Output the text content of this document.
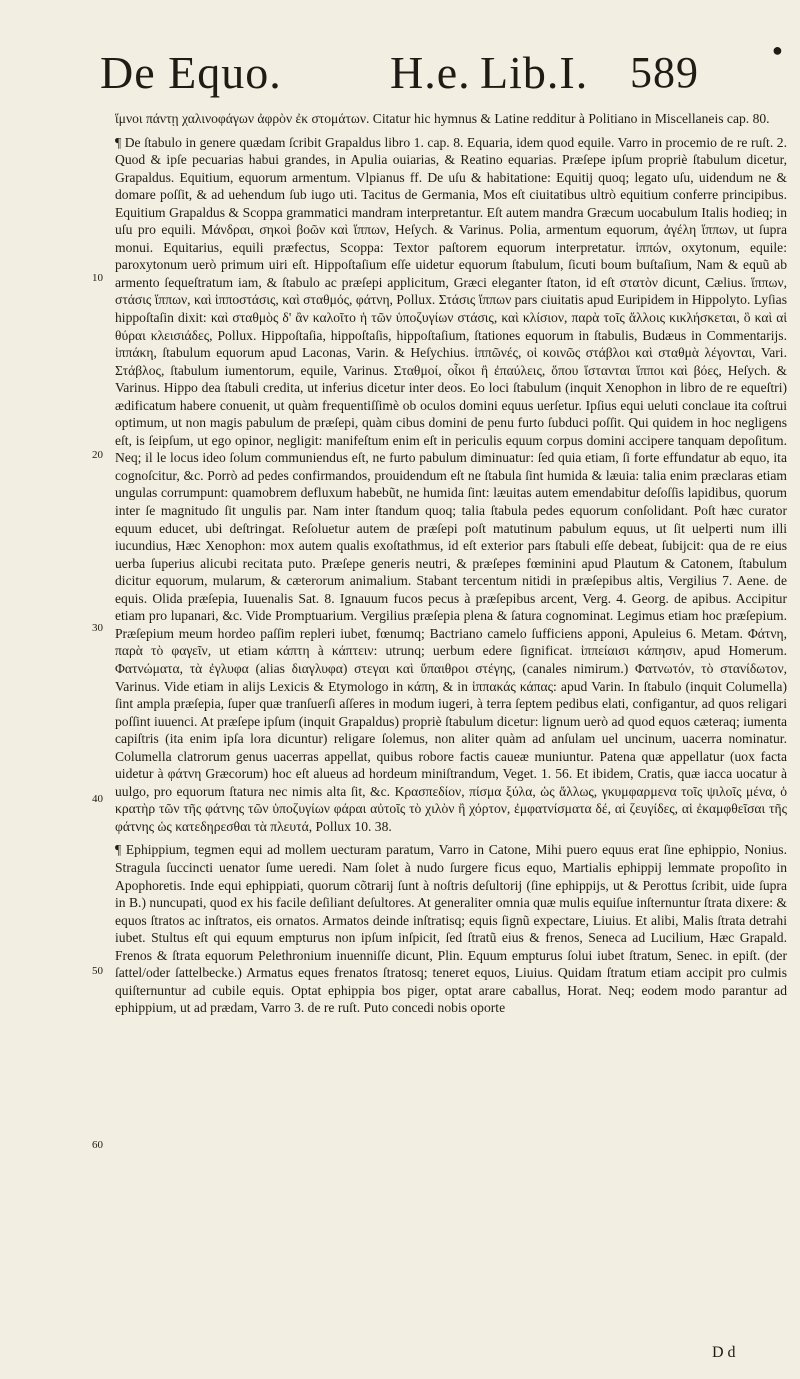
De Equo. H.e. Lib.I. 589	●
10
20
30
40
50
60

ἵμνοι πάντῃ χαλινοφάγων ἀφρὸν ἐκ στομάτων. Citatur hic hymnus & Latine redditur à Politiano in Miscellaneis cap. 80.

¶ De ſtabulo in genere quædam ſcribit Grapaldus libro 1. cap. 8. Equaria, idem quod equile. Varro in procemio de re ruſt. 2. Quod & ipſe pecuarias habui grandes, in Apulia ouiarias, & Reatino equarias. Præſepe ipſum propriè ſtabulum dicetur, Grapaldus. Equitium, equorum armentum. Vlpianus ff. De uſu & habitatione: Equitij quoq; legato uſu, uidendum ne & domare poſſit, & ad uehendum ſub iugo uti. Tacitus de Germania, Mos eſt ciuitatibus ultrò equitium conferre principibus. Equitium Grapaldus & Scoppa grammatici mandram interpretantur. Eſt autem mandra Græcum uocabulum Italis hodieq; in uſu pro equili. Μάνδραι, σηκοὶ βοῶν καὶ ἵππων, Heſych. & Varinus. Polia, armentum equorum, ἀγέλη ἵππων, ut ſupra monui. Equitarius, equili præfectus, Scoppa: Textor paſtorem equorum interpretatur. ἱππών, oxytonum, equile: paroxytonum uerò primum uiri eſt. Hippoſtaſium eſſe uidetur equorum ſtabulum, ſicuti boum buſtaſium, Nam & equũ ab armento ſequeſtratum iam, & ſtabulo ac præſepi applicitum, Græci eleganter ſtaton, id eſt στατὸν dicunt, Cælius. ἵππων, στάσις ἵππων, καὶ ἱπποστάσις, καὶ σταθμός, φάτνη, Pollux. Στάσις ἵππων pars ciuitatis apud Euripidem in Hippolyto. Lyſias hippoſtaſin dixit: καὶ σταθμὸς δ' ἂν καλοῖτο ἡ τῶν ὑποζυγίων στάσις, καὶ κλίσιον, παρὰ τοῖς ἄλλοις κικλήσκεται, ὃ καὶ αἱ θύραι κλεισιάδες, Pollux. Hippoſtaſia, hippoſtaſis, hippoſtaſium, ſtationes equorum in ſtabulis, Budæus in Commentarijs. ἱππάκη, ſtabulum equorum apud Laconas, Varin. & Heſychius. ἱππῶνές, οἱ κοινῶς στάβλοι καὶ σταθμὰ λέγονται, Vari. Στάβλος, ſtabulum iumentorum, equile, Varinus. Σταθμοί, οἶκοι ἢ ἐπαύλεις, ὅπου ἵστανται ἵπποι καὶ βόες, Heſych. & Varinus. Hippo dea ſtabuli credita, ut inferius dicetur inter deos. Eo loci ſtabulum (inquit Xenophon in libro de re equeſtri) ædificatum habere conuenit, ut quàm frequentiſſimè ob oculos domini equus uerſetur. Ipſius equi ueluti conclaue ita coſtrui optimum, ut non magis pabulum de præſepi, quàm cibus domini de penu furto ſubduci poſſit. Qui quidem in hoc negligens eſt, is ſeipſum, ut ego opinor, negligit: manifeſtum enim eſt in periculis equum corpus domini accipere tanquam depoſitum. Neq; il le locus ideo ſolum communiendus eſt, ne furto pabulum diminuatur: ſed quia etiam, ſi forte effundatur ab equo, ita cognoſcitur, &c. Porrò ad pedes confirmandos, prouidendum eſt ne ſtabula ſint humida & læuia: talia enim præclaras etiam ungulas corrumpunt: quamobrem defluxum habebũt, ne humida ſint: læuitas autem emendabitur deſoſſis lapidibus, quorum inter ſe magnitudo ſit ungulis par. Nam inter ſtandum quoq; talia ſtabula pedes equorum conſolidant. Poſt hæc curator equum educet, ubi deſtringat. Reſoluetur autem de præſepi poſt matutinum pabulum equus, ut ſit uelperti num illi iucundius, Hæc Xenophon: mox autem qualis exoſtathmus, id eſt exterior pars ſtabuli eſſe debeat, ſubijcit: qua de re eius uerba ſuperius alicubi recitata puto. Præſepe generis neutri, & præſepes fœminini apud Plautum & Catonem, ſtabulum dicitur equorum, mularum, & cæterorum animalium. Stabant tercentum nitidi in præſepibus altis, Vergilius 7. Aene. de equis. Olida præſepia, Iuuenalis Sat. 8. Ignauum fucos pecus à præſepibus arcent, Verg. 4. Georg. de apibus. Accipitur etiam pro lupanari, &c. Vide Promptuarium. Vergilius præſepia plena & ſatura cognominat. Legimus etiam hoc præſepium. Præſepium meum hordeo paſſim repleri iubet, fœnumq; Bactriano camelo ſufficiens apponi, Apuleius 6. Metam. Φάτνη, παρὰ τὸ φαγεῖν, ut etiam κάπτη à κάπτειν: utrunq; uerbum edere ſignificat. ἱππείαισι κάπησιν, apud Homerum. Φατνώματα, τὰ ἐγλυφα (alias διαγλυφα) στεγαι καὶ ὕπαιθροι στέγης, (canales nimirum.) Φατνωτόν, τὸ στανίδωτον, Varinus. Vide etiam in alijs Lexicis & Etymologo in κάπη, & in ἱππακάς κάπας: apud Varin. In ſtabulo (inquit Columella) ſint ampla præſepia, ſuper quæ tranſuerſi aſſeres in modum iugeri, à terra ſeptem pedibus elati, configantur, ad quos religari poſſint iuuenci. At præſepe ipſum (inquit Grapaldus) propriè ſtabulum dicetur: lignum uerò ad quod equos cæteraq; iumenta capiſtris (ita enim ipſa lora dicuntur) religare ſolemus, non aliter quàm ad anſulam uel uncinum, uacerra nominatur. Columella clatrorum genus uacerras appellat, quibus robore factis caueæ muniuntur. Patena quæ appellatur (uox facta uidetur à φάτνη Græcorum) hoc eſt alueus ad hordeum miniſtrandum, Veget. 1. 56. Et ibidem, Cratis, quæ iacca uocatur à uulgo, pro equorum ſtatura nec nimis alta ſit, &c. Κρασπεδίον, πίσμα ξύλα, ὡς ἄλλως, γκυμφαρμενα τοῖς ψιλοῖς μένα, ὁ κρατὴρ τῶν τῆς φάτνης τῶν ὑποζυγίων φάραι αὐτοῖς τὸ χιλὸν ἢ χόρτον, ἐμφατνίσματα δέ, αἱ ζευγίδες, αἱ ἐκαμφθεῖσαι τῆς φάτνης ὡς κατεδηρεσθαι τὰ πλευτά, Pollux 10. 38.

¶ Ephippium, tegmen equi ad mollem uecturam paratum, Varro in Catone, Mihi puero equus erat ſine ephippio, Nonius. Stragula ſuccincti uenator ſume ueredi. Nam ſolet à nudo ſurgere ficus equo, Martialis ephippij lemmate propoſito in Apophoretis. Inde equi ephippiati, quorum cõtrarij ſunt à noſtris deſultorij (ſine ephippijs, ut & Perottus ſcribit, uide ſupra in B.) nuncupati, quod ex his facile deſiliant deſultores. At generaliter omnia quæ mulis equiſue inſternuntur ſtrata dixere: & equos ſtratos ac inſtratos, eis ornatos. Armatos deinde inſtratisq; equis ſignũ expectare, Liuius. Et alibi, Malis ſtrata detrahi iubet. Stultus eſt qui equum empturus non ipſum inſpicit, ſed ſtratũ eius & frenos, Seneca ad Lucilium, Hæc Grapald. Frenos & ſtrata equorum Pelethronium inuenniſſe dicunt, Plin. Equum empturus ſolui iubet ſtratum, Senec. in epiſt. (der ſattel/oder ſattelbecke.) Armatus eques frenatos ſtratosq; teneret equos, Liuius. Quidam ſtratum etiam accipit pro culmis quiſternuntur ad cubile equis. Optat ephippia bos piger, optat arare caballus, Horat. Neq; eodem modo parantur ad ephippium, ut ad prædam, Varro 3. de re ruſt. Puto concedi nobis oporte

D d
